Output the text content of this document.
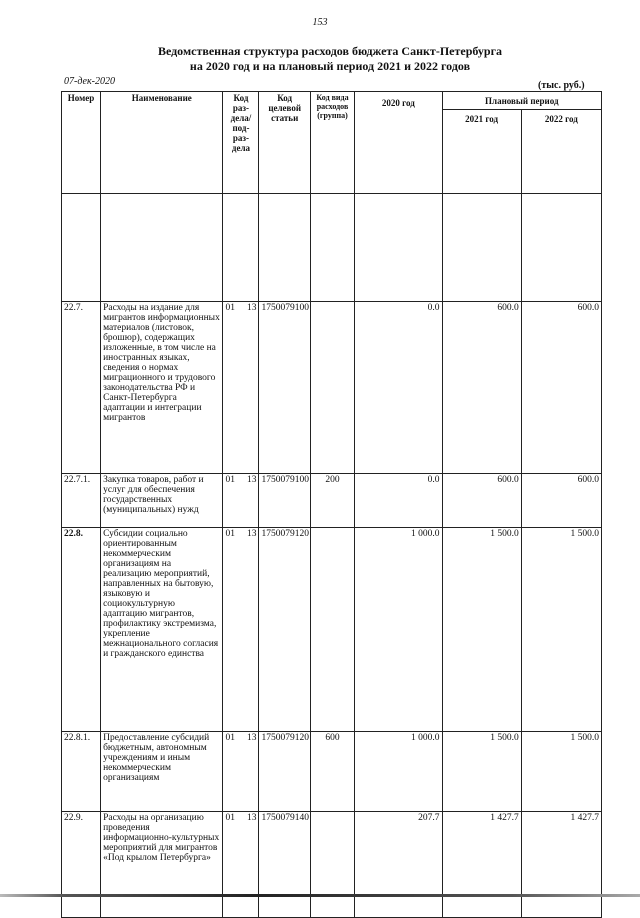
153
Ведомственная структура расходов бюджета Санкт-Петербурга
на 2020 год и на плановый период 2021 и 2022 годов
07-дек-2020	(тыс. руб.)
Номер	Наименование	Код раз-дела/ под-раз-дела	Код целевой статьи	Код вида расходов (группа)	2020 год	Плановый период	
						2021 год	2022 год

22.7.	Расходы на издание для мигрантов информационных материалов (листовок, брошюр), содержащих изложенные, в том числе на иностранных языках, сведения о нормах миграционного и трудового законодательства РФ и Санкт-Петербурга адаптации и интеграции мигрантов	01 13	1750079100		0.0	600.0	600.0
22.7.1.	Закупка товаров, работ и услуг для обеспечения государственных (муниципальных) нужд	01 13	1750079100	200	0.0	600.0	600.0
22.8.	Субсидии социально ориентированным некоммерческим организациям на реализацию мероприятий, направленных на бытовую, языковую и социокультурную адаптацию мигрантов, профилактику экстремизма, укрепление межнационального согласия и гражданского единства	01 13	1750079120		1 000.0	1 500.0	1 500.0
22.8.1.	Предоставление субсидий бюджетным, автономным учреждениям и иным некоммерческим организациям	01 13	1750079120	600	1 000.0	1 500.0	1 500.0
22.9.	Расходы на организацию проведения информационно-культурных мероприятий для мигрантов «Под крылом Петербурга»	01 13	1750079140		207.7	1 427.7	1 427.7
